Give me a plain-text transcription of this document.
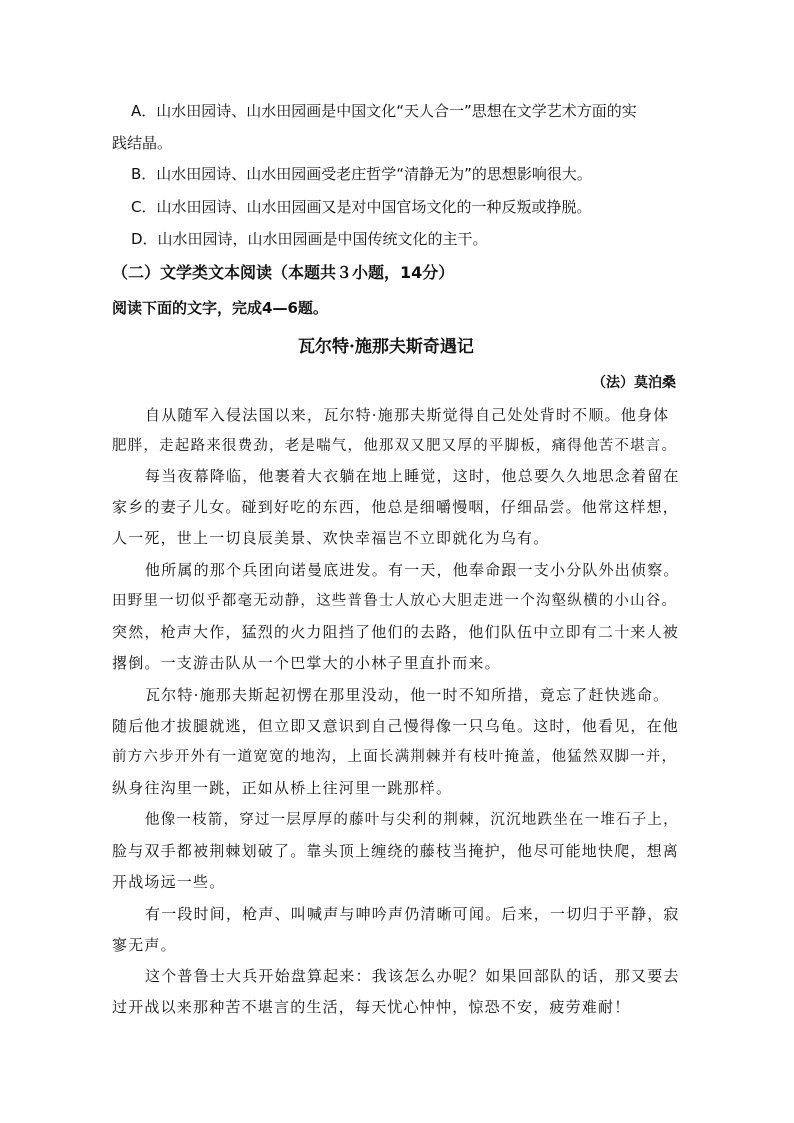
A．山水田园诗、山水田园画是中国文化“天人合一”思想在文学艺术方面的实
践结晶。
B．山水田园诗、山水田园画受老庄哲学“清静无为”的思想影响很大。
C．山水田园诗、山水田园画又是对中国官场文化的一种反叛或挣脱。
D．山水田园诗，山水田园画是中国传统文化的主干。
（二）文学类文本阅读（本题共３小题，14分）
阅读下面的文字，完成4—6题。
瓦尔特·施那夫斯奇遇记
（法）莫泊桑
自从随军入侵法国以来，瓦尔特·施那夫斯觉得自己处处背时不顺。他身体
肥胖，走起路来很费劲，老是喘气，他那双又肥又厚的平脚板，痛得他苦不堪言。
每当夜幕降临，他裹着大衣躺在地上睡觉，这时，他总要久久地思念着留在
家乡的妻子儿女。碰到好吃的东西，他总是细嚼慢咽，仔细品尝。他常这样想，
人一死，世上一切良辰美景、欢快幸福岂不立即就化为乌有。
他所属的那个兵团向诺曼底进发。有一天，他奉命跟一支小分队外出侦察。
田野里一切似乎都毫无动静，这些普鲁士人放心大胆走进一个沟壑纵横的小山谷。
突然，枪声大作，猛烈的火力阻挡了他们的去路，他们队伍中立即有二十来人被
撂倒。一支游击队从一个巴掌大的小林子里直扑而来。
瓦尔特·施那夫斯起初愣在那里没动，他一时不知所措，竟忘了赶快逃命。
随后他才拔腿就逃，但立即又意识到自己慢得像一只乌龟。这时，他看见，在他
前方六步开外有一道宽宽的地沟，上面长满荆棘并有枝叶掩盖，他猛然双脚一并，
纵身往沟里一跳，正如从桥上往河里一跳那样。
他像一枝箭，穿过一层厚厚的藤叶与尖利的荆棘，沉沉地跌坐在一堆石子上，
脸与双手都被荆棘划破了。靠头顶上缠绕的藤枝当掩护，他尽可能地快爬，想离
开战场远一些。
有一段时间，枪声、叫喊声与呻吟声仍清晰可闻。后来，一切归于平静，寂
寥无声。
这个普鲁士大兵开始盘算起来：我该怎么办呢？如果回部队的话，那又要去
过开战以来那种苦不堪言的生活，每天忧心忡忡，惊恐不安，疲劳难耐！
